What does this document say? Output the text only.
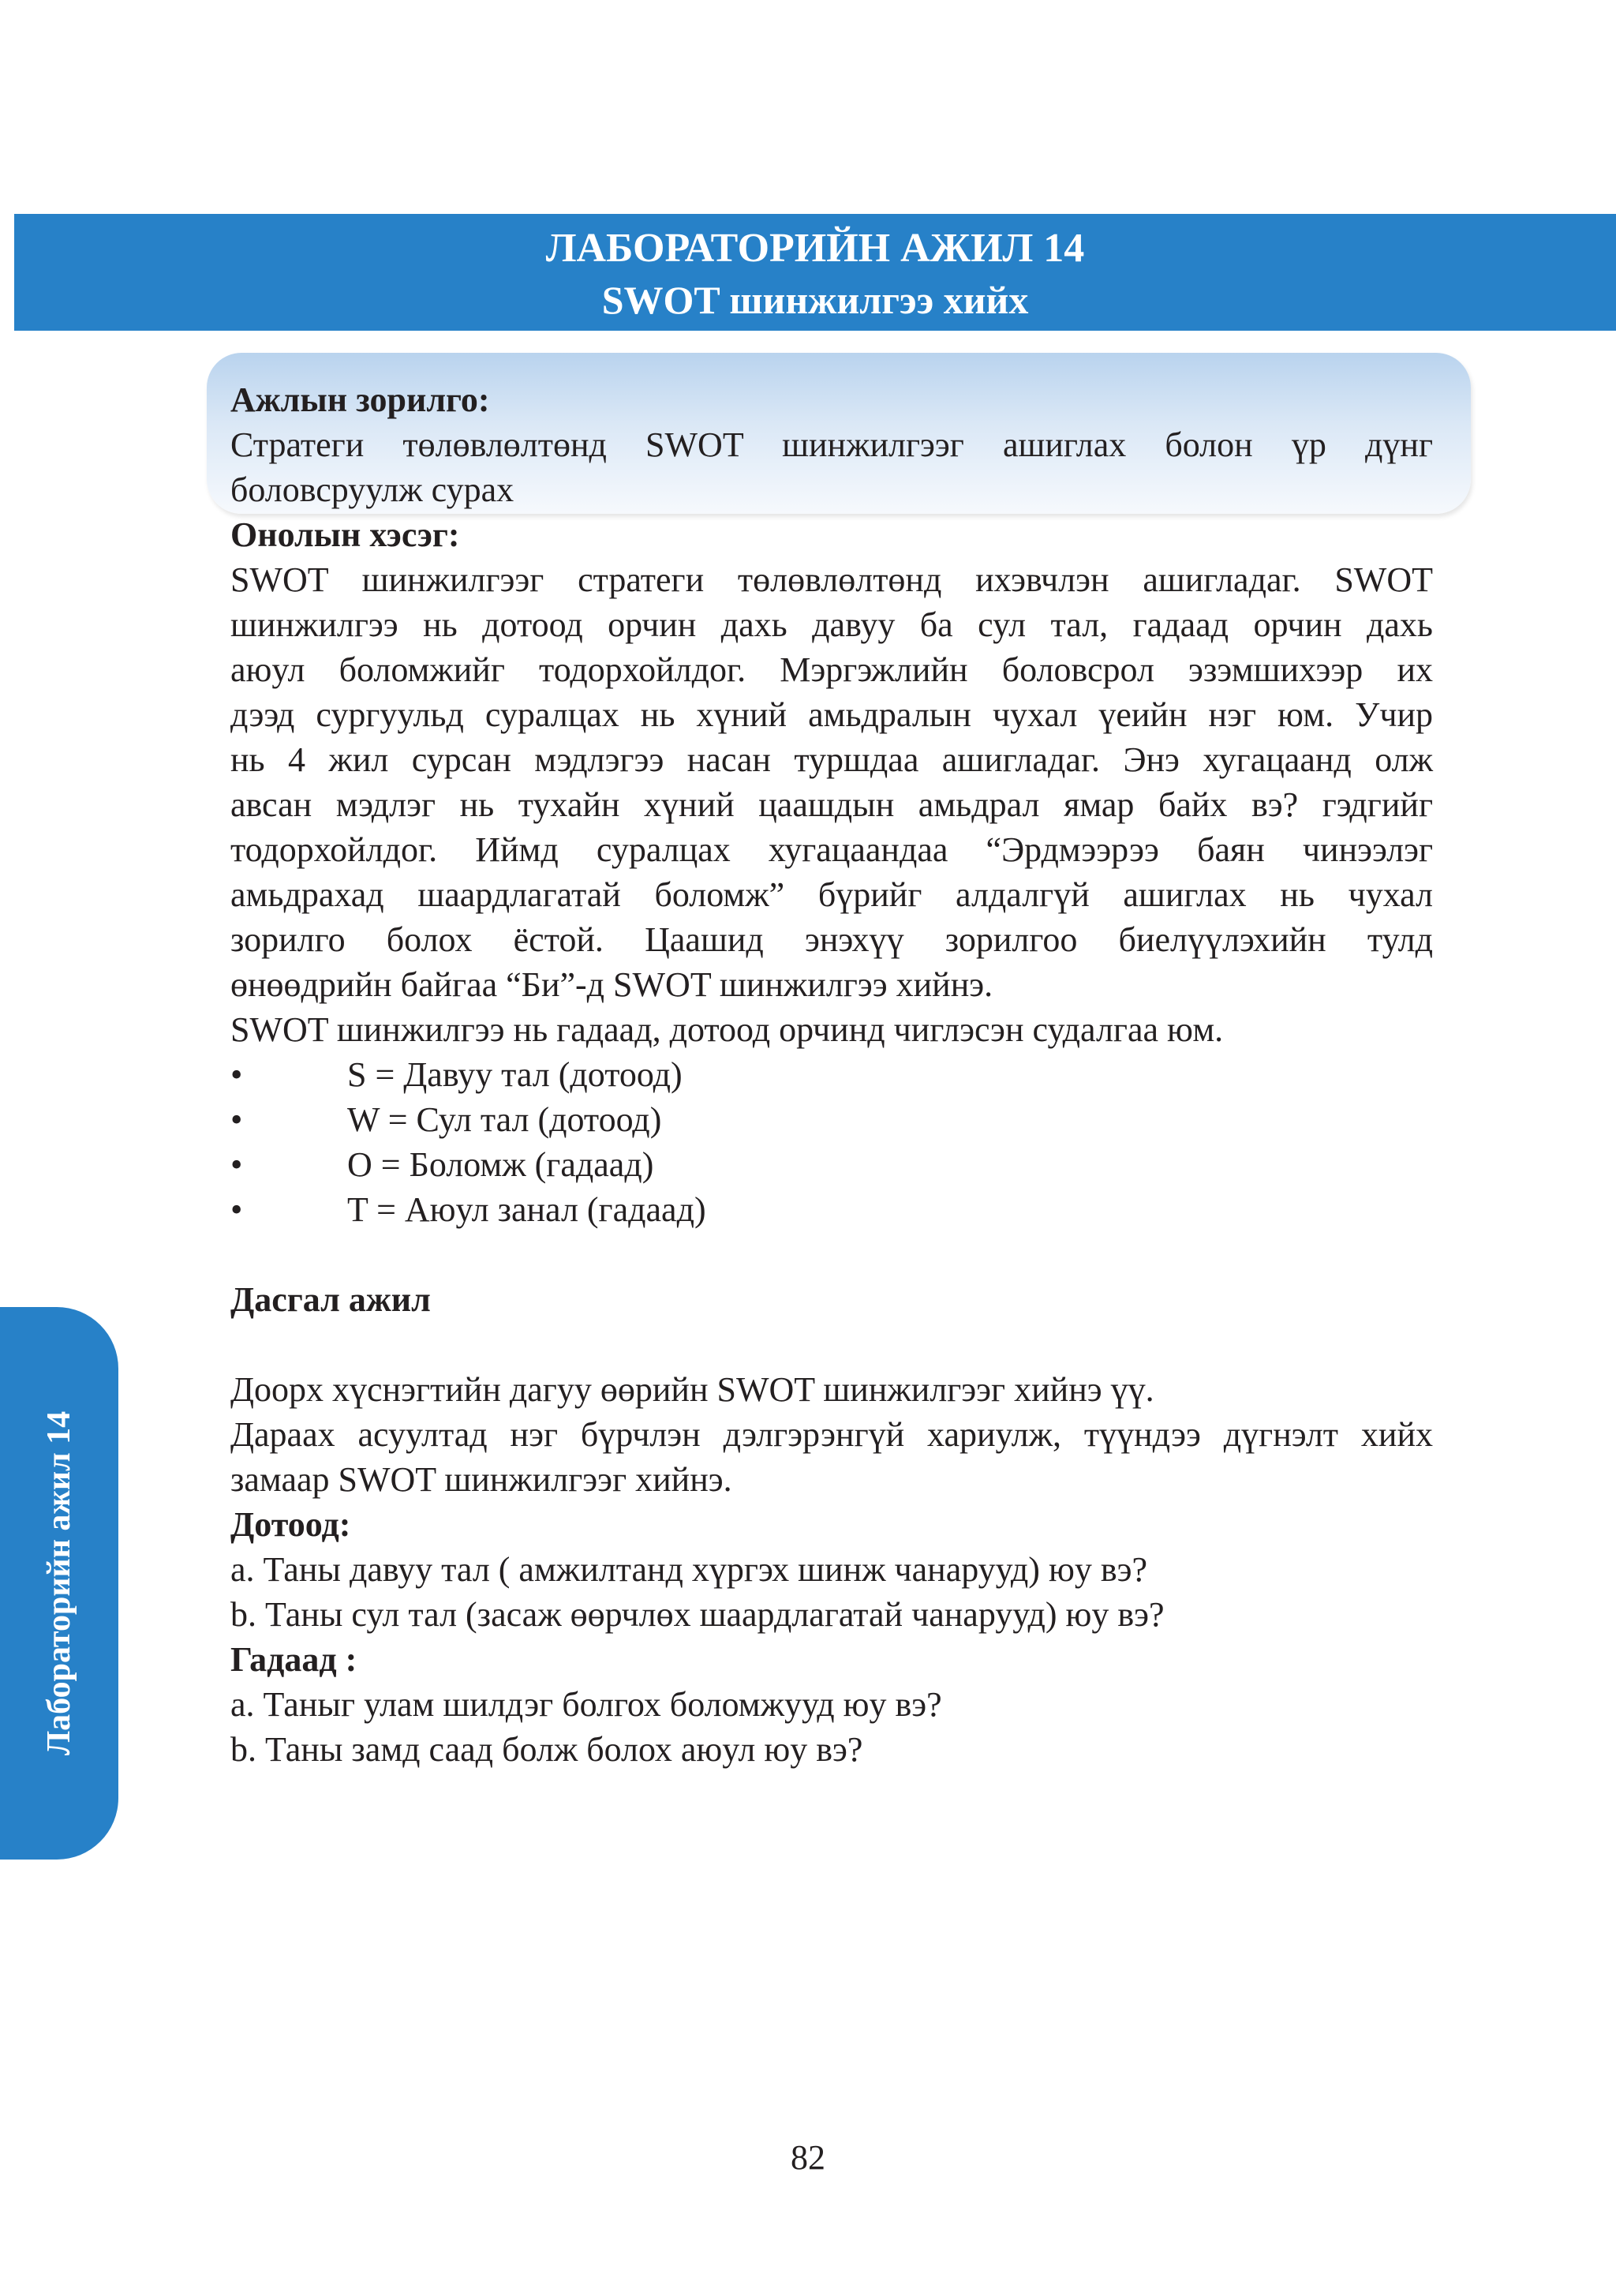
ЛАБОРАТОРИЙН АЖИЛ 14
SWOT шинжилгээ хийх

Ажлын зорилго:

Стратеги төлөвлөлтөнд SWOT шинжилгээг ашиглах болон үр дүнг

боловсруулж сурах

Онолын хэсэг:

SWOT шинжилгээг стратеги төлөвлөлтөнд ихэвчлэн ашигладаг. SWOT

шинжилгээ нь дотоод орчин дахь давуу ба сул тал, гадаад орчин дахь

аюул боломжийг тодорхойлдог. Мэргэжлийн боловсрол эзэмшихээр их

дээд сургуульд суралцах нь хүний амьдралын чухал үеийн нэг юм. Учир

нь 4 жил сурсан мэдлэгээ насан туршдаа ашигладаг. Энэ хугацаанд олж

авсан мэдлэг нь тухайн хүний цаашдын амьдрал ямар байх вэ? гэдгийг

тодорхойлдог. Иймд суралцах хугацаандаа “Эрдмээрээ баян чинээлэг

амьдрахад шаардлагатай боломж” бүрийг алдалгүй ашиглах нь чухал

зорилго болох ёстой. Цаашид энэхүү зорилгоо биелүүлэхийн тулд

өнөөдрийн байгаа “Би”-д SWOT шинжилгээ хийнэ.

SWOT шинжилгээ нь гадаад, дотоод орчинд чиглэсэн судалгаа юм.

•	S = Давуу тал (дотоод)
•	W = Сул тал (дотоод)
•	O = Боломж (гадаад)
•	T = Аюул занал (гадаад)

Дасгал ажил

Доорх хүснэгтийн дагуу өөрийн SWOT шинжилгээг хийнэ үү.

Дараах асуултад нэг бүрчлэн дэлгэрэнгүй хариулж, түүндээ дүгнэлт хийх

замаар SWOT шинжилгээг хийнэ.

Дотоод:

a. Таны давуу тал ( амжилтанд хүргэх шинж чанарууд) юу вэ?

b. Таны сул тал (засаж өөрчлөх шаардлагатай чанарууд) юу вэ?

Гадаад :

a. Таныг улам шилдэг болгох боломжууд юу вэ?

b. Таны замд саад болж болох аюул юу вэ?

Лабораторийн ажил 14
82
